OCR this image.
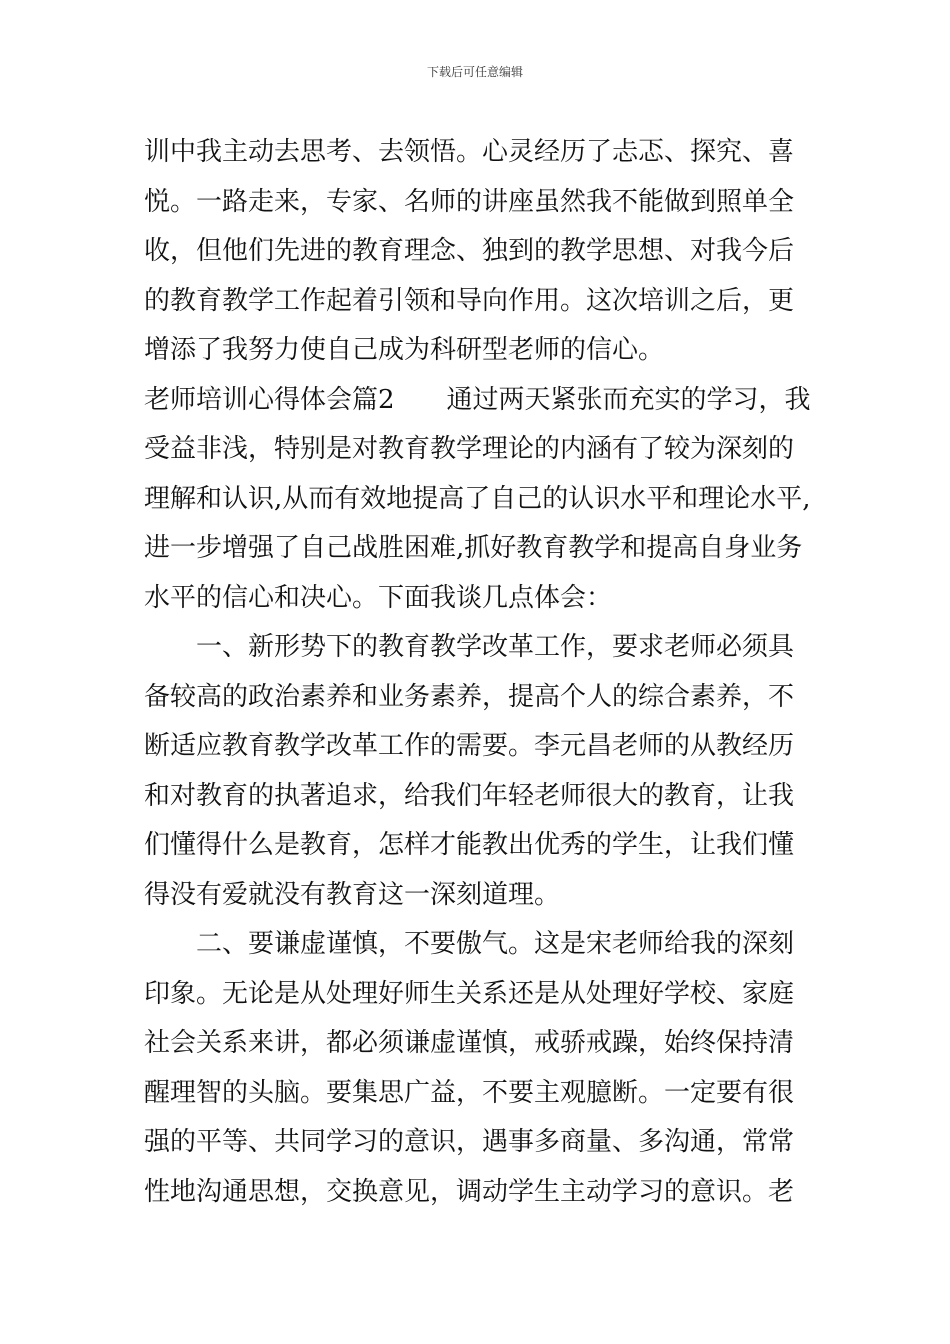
下载后可任意编辑
训中我主动去思考、去领悟。心灵经历了忐忑、探究、喜
悦。一路走来，专家、名师的讲座虽然我不能做到照单全
收，但他们先进的教育理念、独到的教学思想、对我今后
的教育教学工作起着引领和导向作用。这次培训之后，更
增添了我努力使自己成为科研型老师的信心。
老师培训心得体会篇2　　通过两天紧张而充实的学习，我
受益非浅，特别是对教育教学理论的内涵有了较为深刻的
理解和认识,从而有效地提高了自己的认识水平和理论水平,
进一步增强了自己战胜困难,抓好教育教学和提高自身业务
水平的信心和决心。下面我谈几点体会：
一、新形势下的教育教学改革工作，要求老师必须具
备较高的政治素养和业务素养，提高个人的综合素养，不
断适应教育教学改革工作的需要。李元昌老师的从教经历
和对教育的执著追求，给我们年轻老师很大的教育，让我
们懂得什么是教育，怎样才能教出优秀的学生，让我们懂
得没有爱就没有教育这一深刻道理。
二、要谦虚谨慎，不要傲气。这是宋老师给我的深刻
印象。无论是从处理好师生关系还是从处理好学校、家庭
社会关系来讲，都必须谦虚谨慎，戒骄戒躁，始终保持清
醒理智的头脑。要集思广益，不要主观臆断。一定要有很
强的平等、共同学习的意识，遇事多商量、多沟通，常常
性地沟通思想，交换意见，调动学生主动学习的意识。老
